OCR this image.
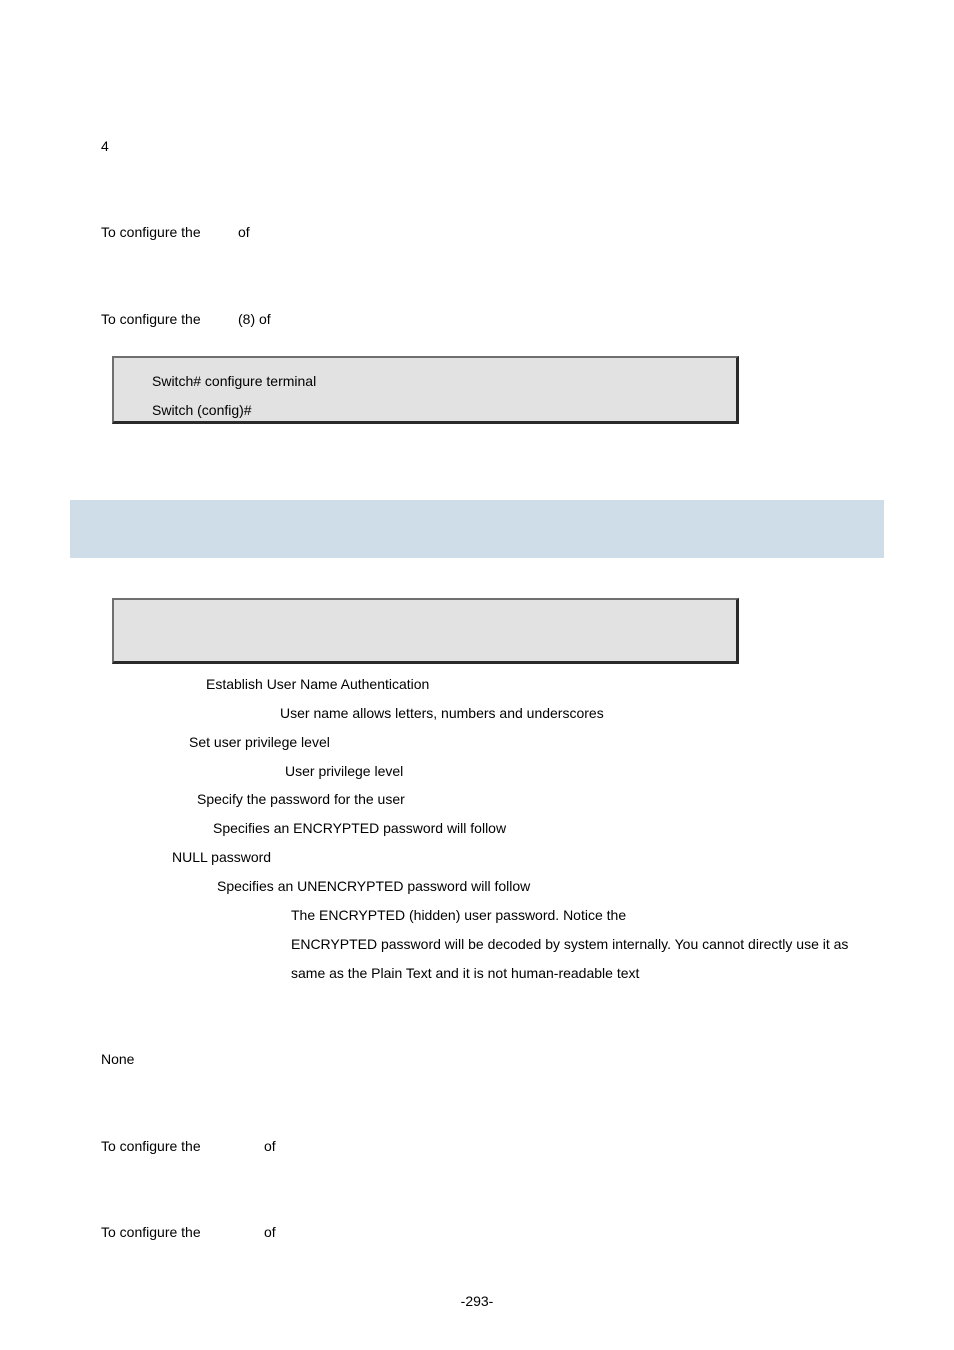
4
To configure the	of
To configure the	(8) of
Switch# configure terminal
Switch (config)#
Establish User Name Authentication
User name allows letters, numbers and underscores
Set user privilege level
User privilege level
Specify the password for the user
Specifies an ENCRYPTED password will follow
NULL password
Specifies an UNENCRYPTED password will follow
The ENCRYPTED (hidden) user password. Notice the
ENCRYPTED password will be decoded by system internally. You cannot directly use it as
same as the Plain Text and it is not human-readable text
None
To configure the	of
To configure the	of
-293-
